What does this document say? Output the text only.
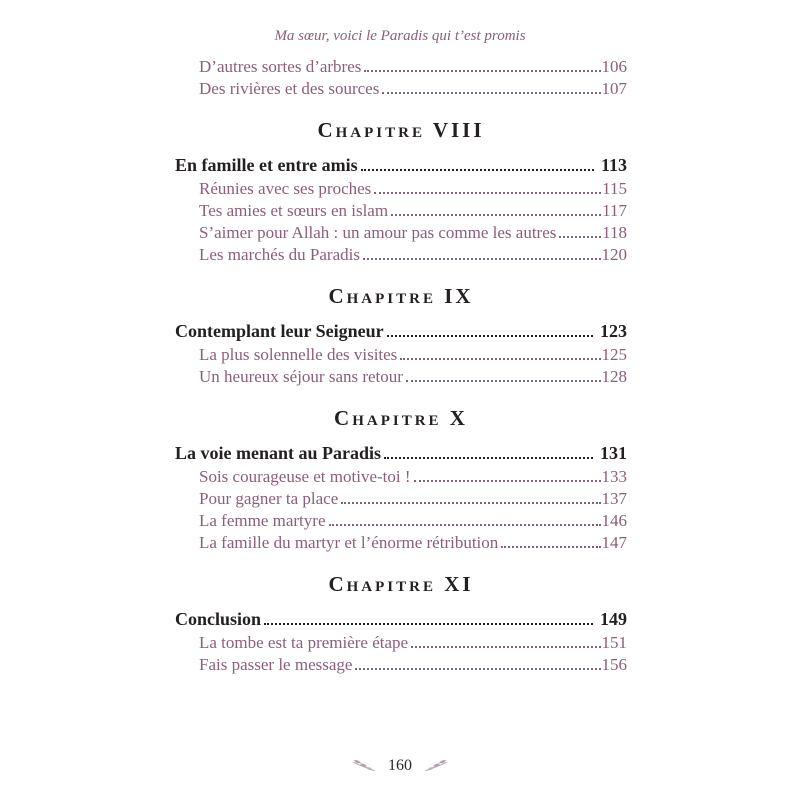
Ma sœur, voici le Paradis qui t’est promis
D’autres sortes d’arbres	106
Des rivières et des sources	107
Chapitre VIII
En famille et entre amis	113
Réunies avec ses proches	115
Tes amies et sœurs en islam	117
S’aimer pour Allah : un amour pas comme les autres	118
Les marchés du Paradis	120
Chapitre IX
Contemplant leur Seigneur	123
La plus solennelle des visites	125
Un heureux séjour sans retour	128
Chapitre X
La voie menant au Paradis	131
Sois courageuse et motive-toi !	133
Pour gagner ta place	137
La femme martyre	146
La famille du martyr et l’énorme rétribution	147
Chapitre XI
Conclusion	149
La tombe est ta première étape	151
Fais passer le message	156
160
